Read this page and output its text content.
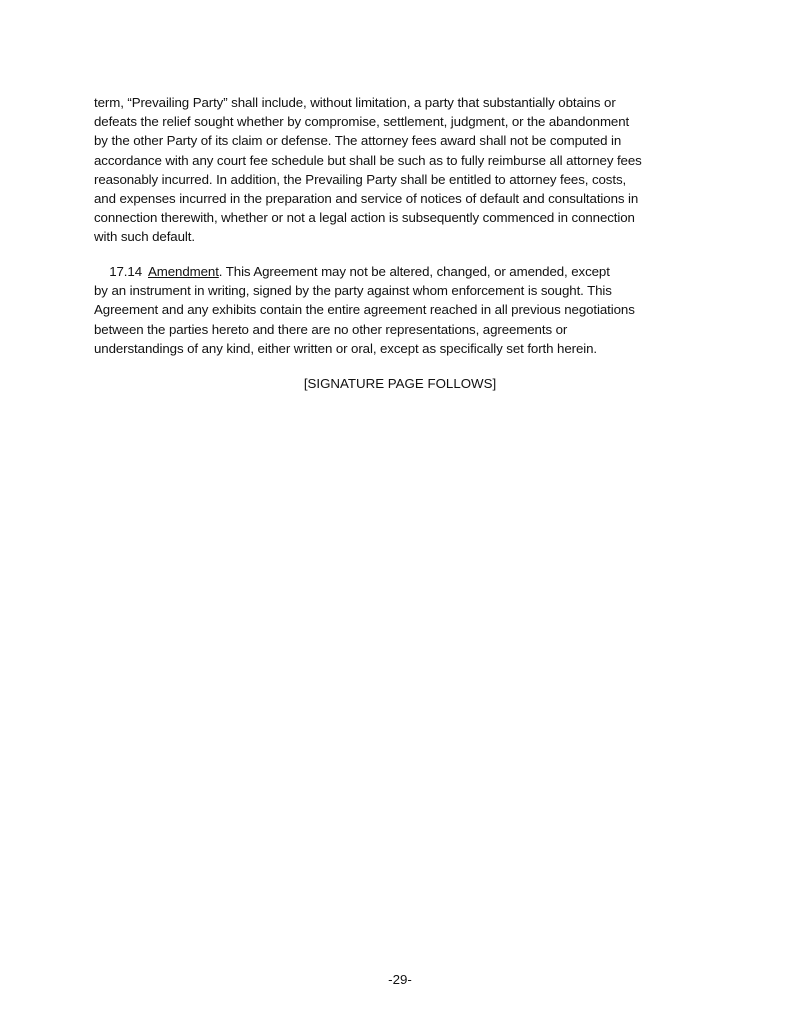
term, “Prevailing Party” shall include, without limitation, a party that substantially obtains or
defeats the relief sought whether by compromise, settlement, judgment, or the abandonment
by the other Party of its claim or defense. The attorney fees award shall not be computed in
accordance with any court fee schedule but shall be such as to fully reimburse all attorney fees
reasonably incurred. In addition, the Prevailing Party shall be entitled to attorney fees, costs,
and expenses incurred in the preparation and service of notices of default and consultations in
connection therewith, whether or not a legal action is subsequently commenced in connection
with such default.
17.14 Amendment. This Agreement may not be altered, changed, or amended, except
by an instrument in writing, signed by the party against whom enforcement is sought. This
Agreement and any exhibits contain the entire agreement reached in all previous negotiations
between the parties hereto and there are no other representations, agreements or
understandings of any kind, either written or oral, except as specifically set forth herein.
[SIGNATURE PAGE FOLLOWS]
-29-
